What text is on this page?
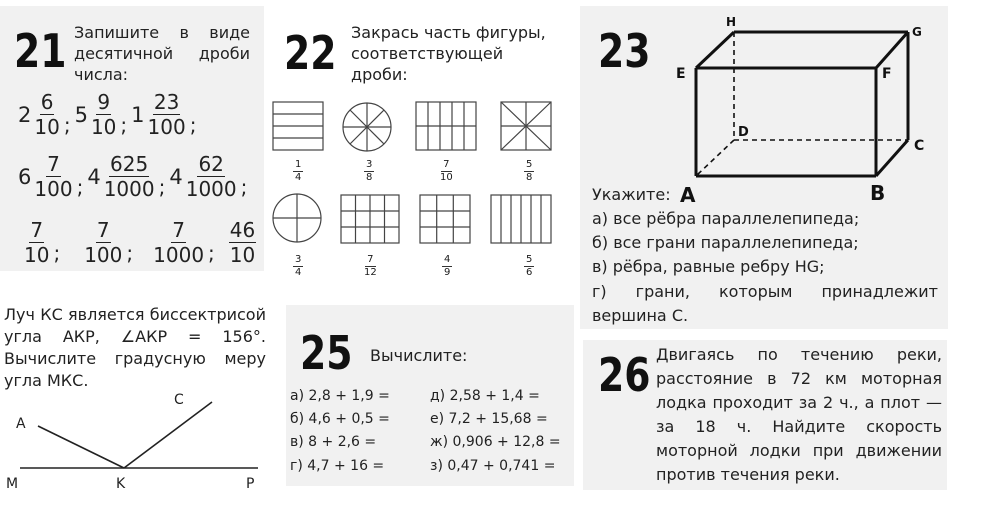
21 Запишите в виде десятичной дроби числа:
$2 \frac{6}{10}$ ; $5 \frac{9}{10}$ ; $1 \frac{23}{100}$ ;
$6 \frac{7}{100}$ ; $4 \frac{625}{1000}$ ; $4 \frac{62}{1000}$ ;
$\frac{7}{10}$ ; $\frac{7}{100}$ ; $\frac{7}{1000}$ ; $\frac{46}{10}$
22 Закрась часть фигуры, соответствующей дроби:
$\frac{1}{4}$	$\frac{3}{8}$	$\frac{7}{10}$	$\frac{5}{8}$
$\frac{3}{4}$	$\frac{7}{12}$	$\frac{4}{9}$	$\frac{5}{6}$
23
H
G
E	F
D
C
A	B
Укажите:
а) все рёбра параллелепипеда;
б) все грани параллелепипеда;
в) рёбра, равные ребру HG;
г) грани, которым принадлежит вершина С.
Луч КС является биссектрисой угла АКР, ∠АКР = 156°. Вычислите градусную меру угла МКС.
A
C
M	K	P
25 Вычислите:
а) 2,8 + 1,9 =
б) 4,6 + 0,5 =
в) 8 + 2,6 =
г) 4,7 + 16 =
д) 2,58 + 1,4 =
е) 7,2 + 15,68 =
ж) 0,906 + 12,8 =
з) 0,47 + 0,741 =
26 Двигаясь по течению реки, расстояние в 72 км моторная лодка проходит за 2 ч., а плот — за 18 ч. Найдите скорость моторной лодки при движении против течения реки.
